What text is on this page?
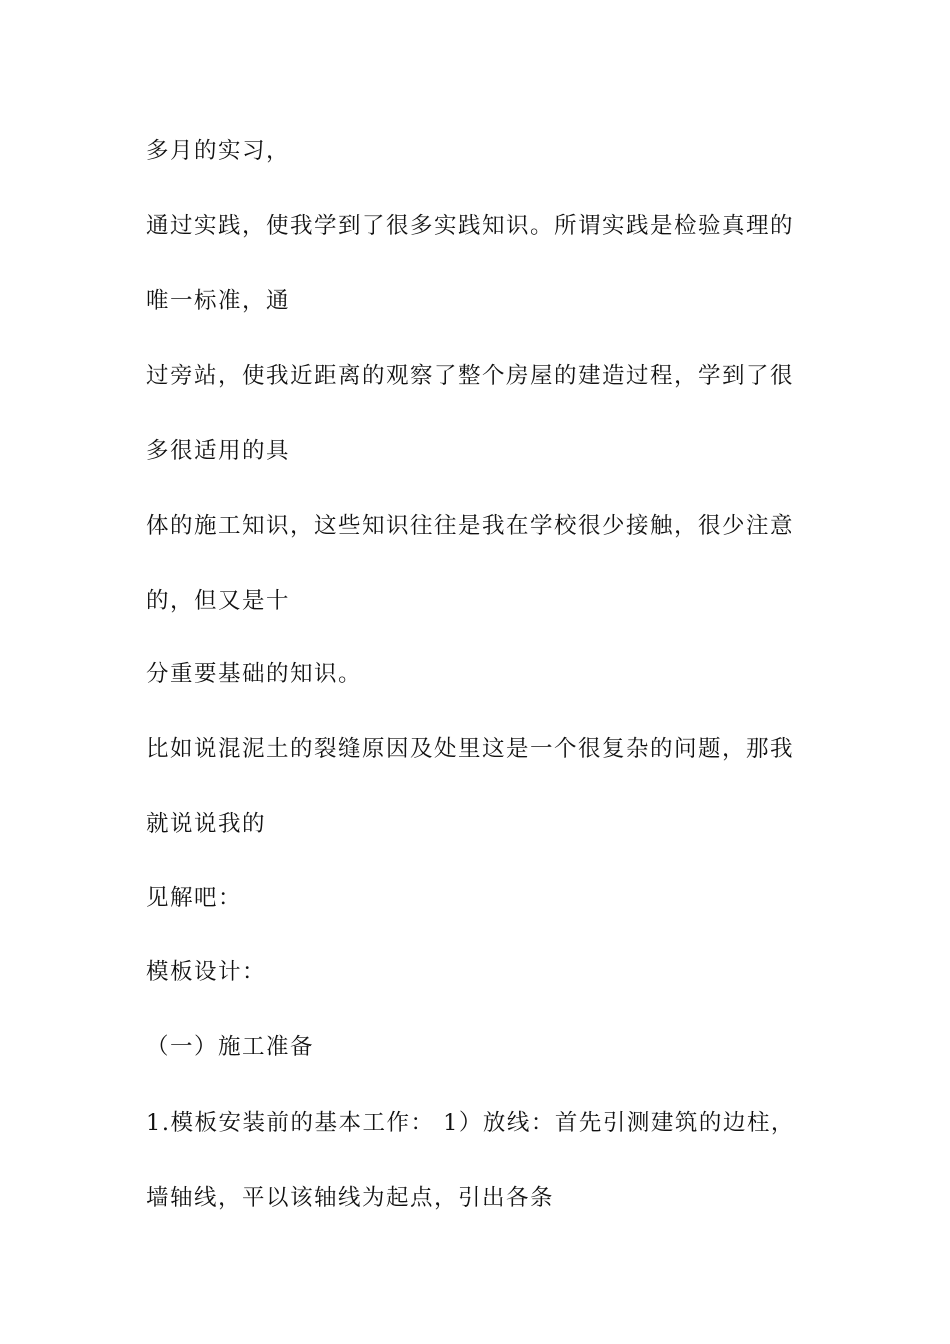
多月的实习，
通过实践，使我学到了很多实践知识。所谓实践是检验真理的
唯一标准，通
过旁站，使我近距离的观察了整个房屋的建造过程，学到了很
多很适用的具
体的施工知识，这些知识往往是我在学校很少接触，很少注意
的，但又是十
分重要基础的知识。
比如说混泥土的裂缝原因及处里这是一个很复杂的问题，那我
就说说我的
见解吧：
模板设计：
（一）施工准备
1.模板安装前的基本工作： 1）放线：首先引测建筑的边柱，
墙轴线，平以该轴线为起点，引出各条
